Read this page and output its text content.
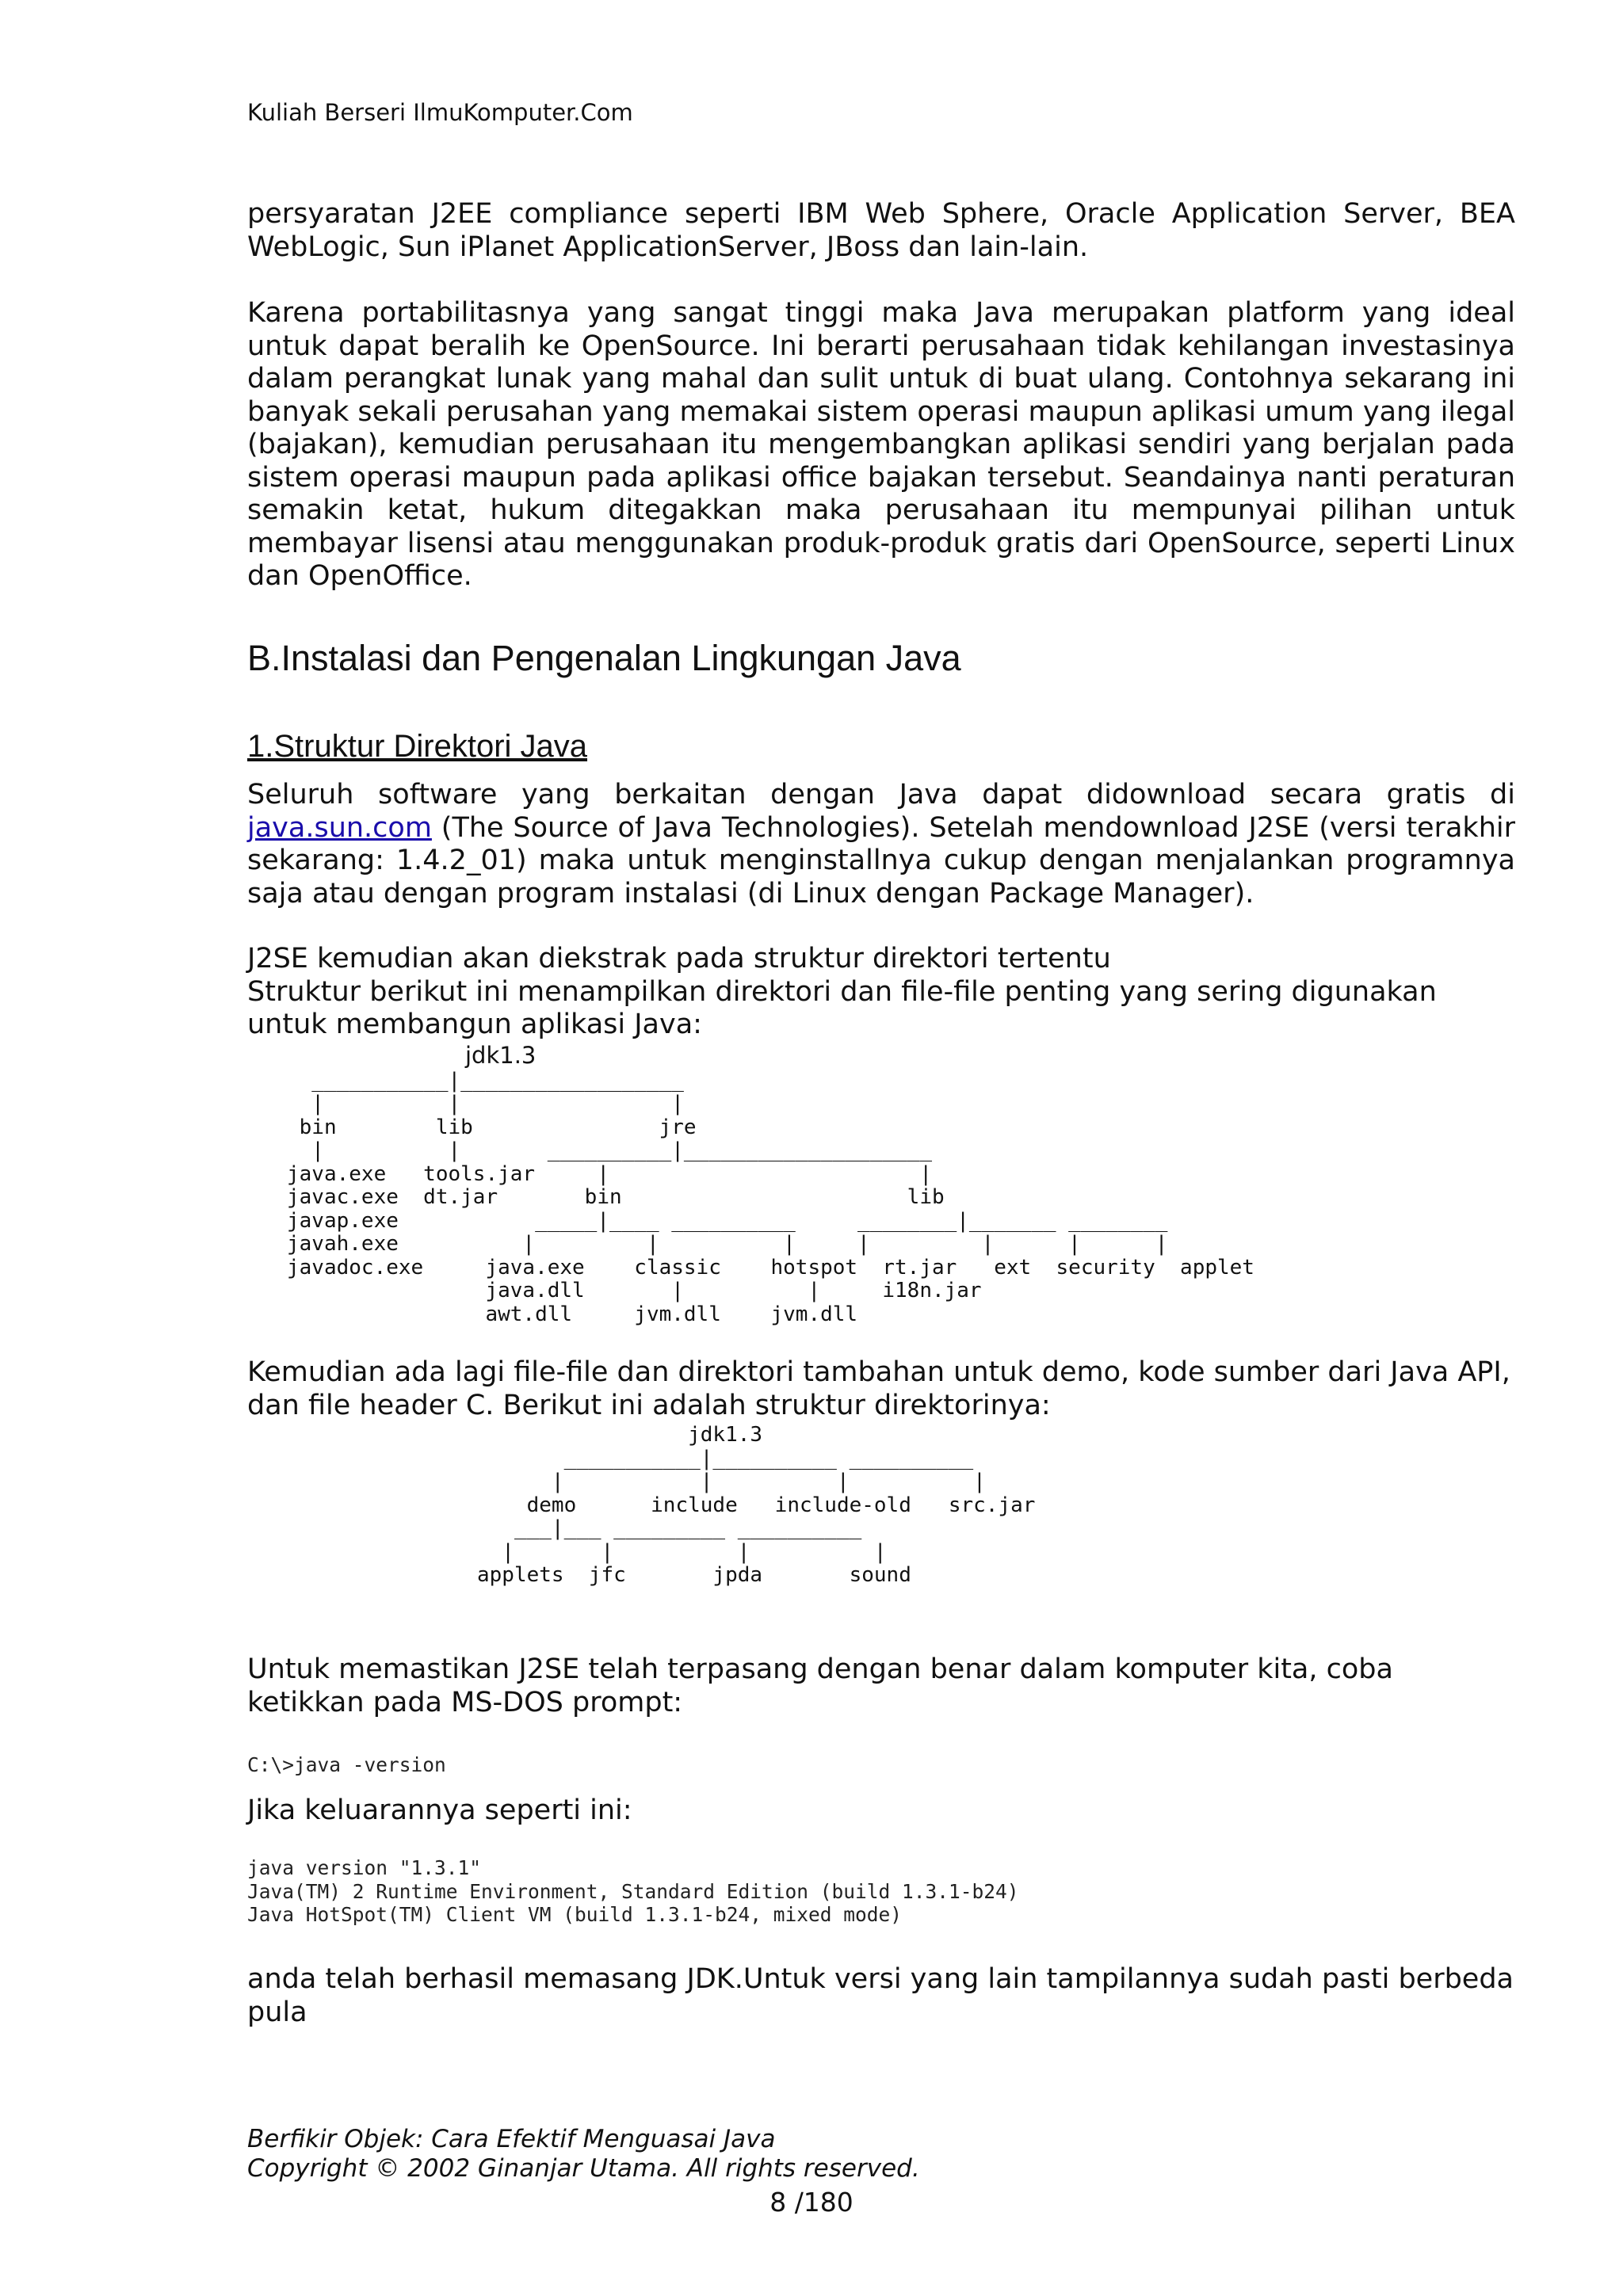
Kuliah Berseri IlmuKomputer.Com

persyaratan J2EE compliance seperti IBM Web Sphere, Oracle Application Server, BEA WebLogic, Sun iPlanet ApplicationServer, JBoss dan lain-lain.

Karena portabilitasnya yang sangat tinggi maka Java merupakan platform yang ideal untuk dapat beralih ke OpenSource. Ini berarti perusahaan tidak kehilangan investasinya dalam perangkat lunak yang mahal dan sulit untuk di buat ulang. Contohnya sekarang ini banyak sekali perusahan yang memakai sistem operasi maupun aplikasi umum yang ilegal (bajakan), kemudian perusahaan itu mengembangkan aplikasi sendiri yang berjalan pada sistem operasi maupun pada aplikasi office bajakan tersebut. Seandainya nanti peraturan semakin ketat, hukum ditegakkan maka perusahaan itu mempunyai pilihan untuk membayar lisensi atau menggunakan produk-produk gratis dari OpenSource, seperti Linux dan OpenOffice.

B.Instalasi dan Pengenalan Lingkungan Java
1.Struktur Direktori Java

Seluruh software yang berkaitan dengan Java dapat didownload secara gratis di java.sun.com (The Source of Java Technologies). Setelah mendownload J2SE (versi terakhir sekarang: 1.4.2_01) maka untuk menginstallnya cukup dengan menjalankan programnya saja atau dengan program instalasi (di Linux dengan Package Manager).

J2SE kemudian akan diekstrak pada struktur direktori tertentu
Struktur berikut ini menampilkan direktori dan file-file penting yang sering digunakan untuk membangun aplikasi Java:

jdk1.3
___________|__________________
|          |                 |
bin        lib               jre
|          |       __________|____________________
java.exe   tools.jar     |                         |
javac.exe  dt.jar       bin                       lib
javap.exe           _____|____ __________     ________|_______ ________
javah.exe          |         |          |     |         |      |      |
javadoc.exe     java.exe    classic    hotspot  rt.jar   ext  security  applet
java.dll       |          |     i18n.jar
awt.dll     jvm.dll    jvm.dll

Kemudian ada lagi file-file dan direktori tambahan untuk demo, kode sumber dari Java API, dan file header C. Berikut ini adalah struktur direktorinya:

jdk1.3
___________|__________ __________
|           |          |          |
demo      include   include-old   src.jar
___|___ _________ __________
|       |          |          |
applets  jfc       jpda       sound

Untuk memastikan J2SE telah terpasang dengan benar dalam komputer kita, coba ketikkan pada MS-DOS prompt:

C:\>java -version

Jika keluarannya seperti ini:

java version "1.3.1"
Java(TM) 2 Runtime Environment, Standard Edition (build 1.3.1-b24)
Java HotSpot(TM) Client VM (build 1.3.1-b24, mixed mode)

anda telah berhasil memasang JDK.Untuk versi yang lain tampilannya sudah pasti berbeda pula

Berfikir Objek: Cara Efektif Menguasai Java
Copyright © 2002 Ginanjar Utama. All rights reserved.
8 /180
